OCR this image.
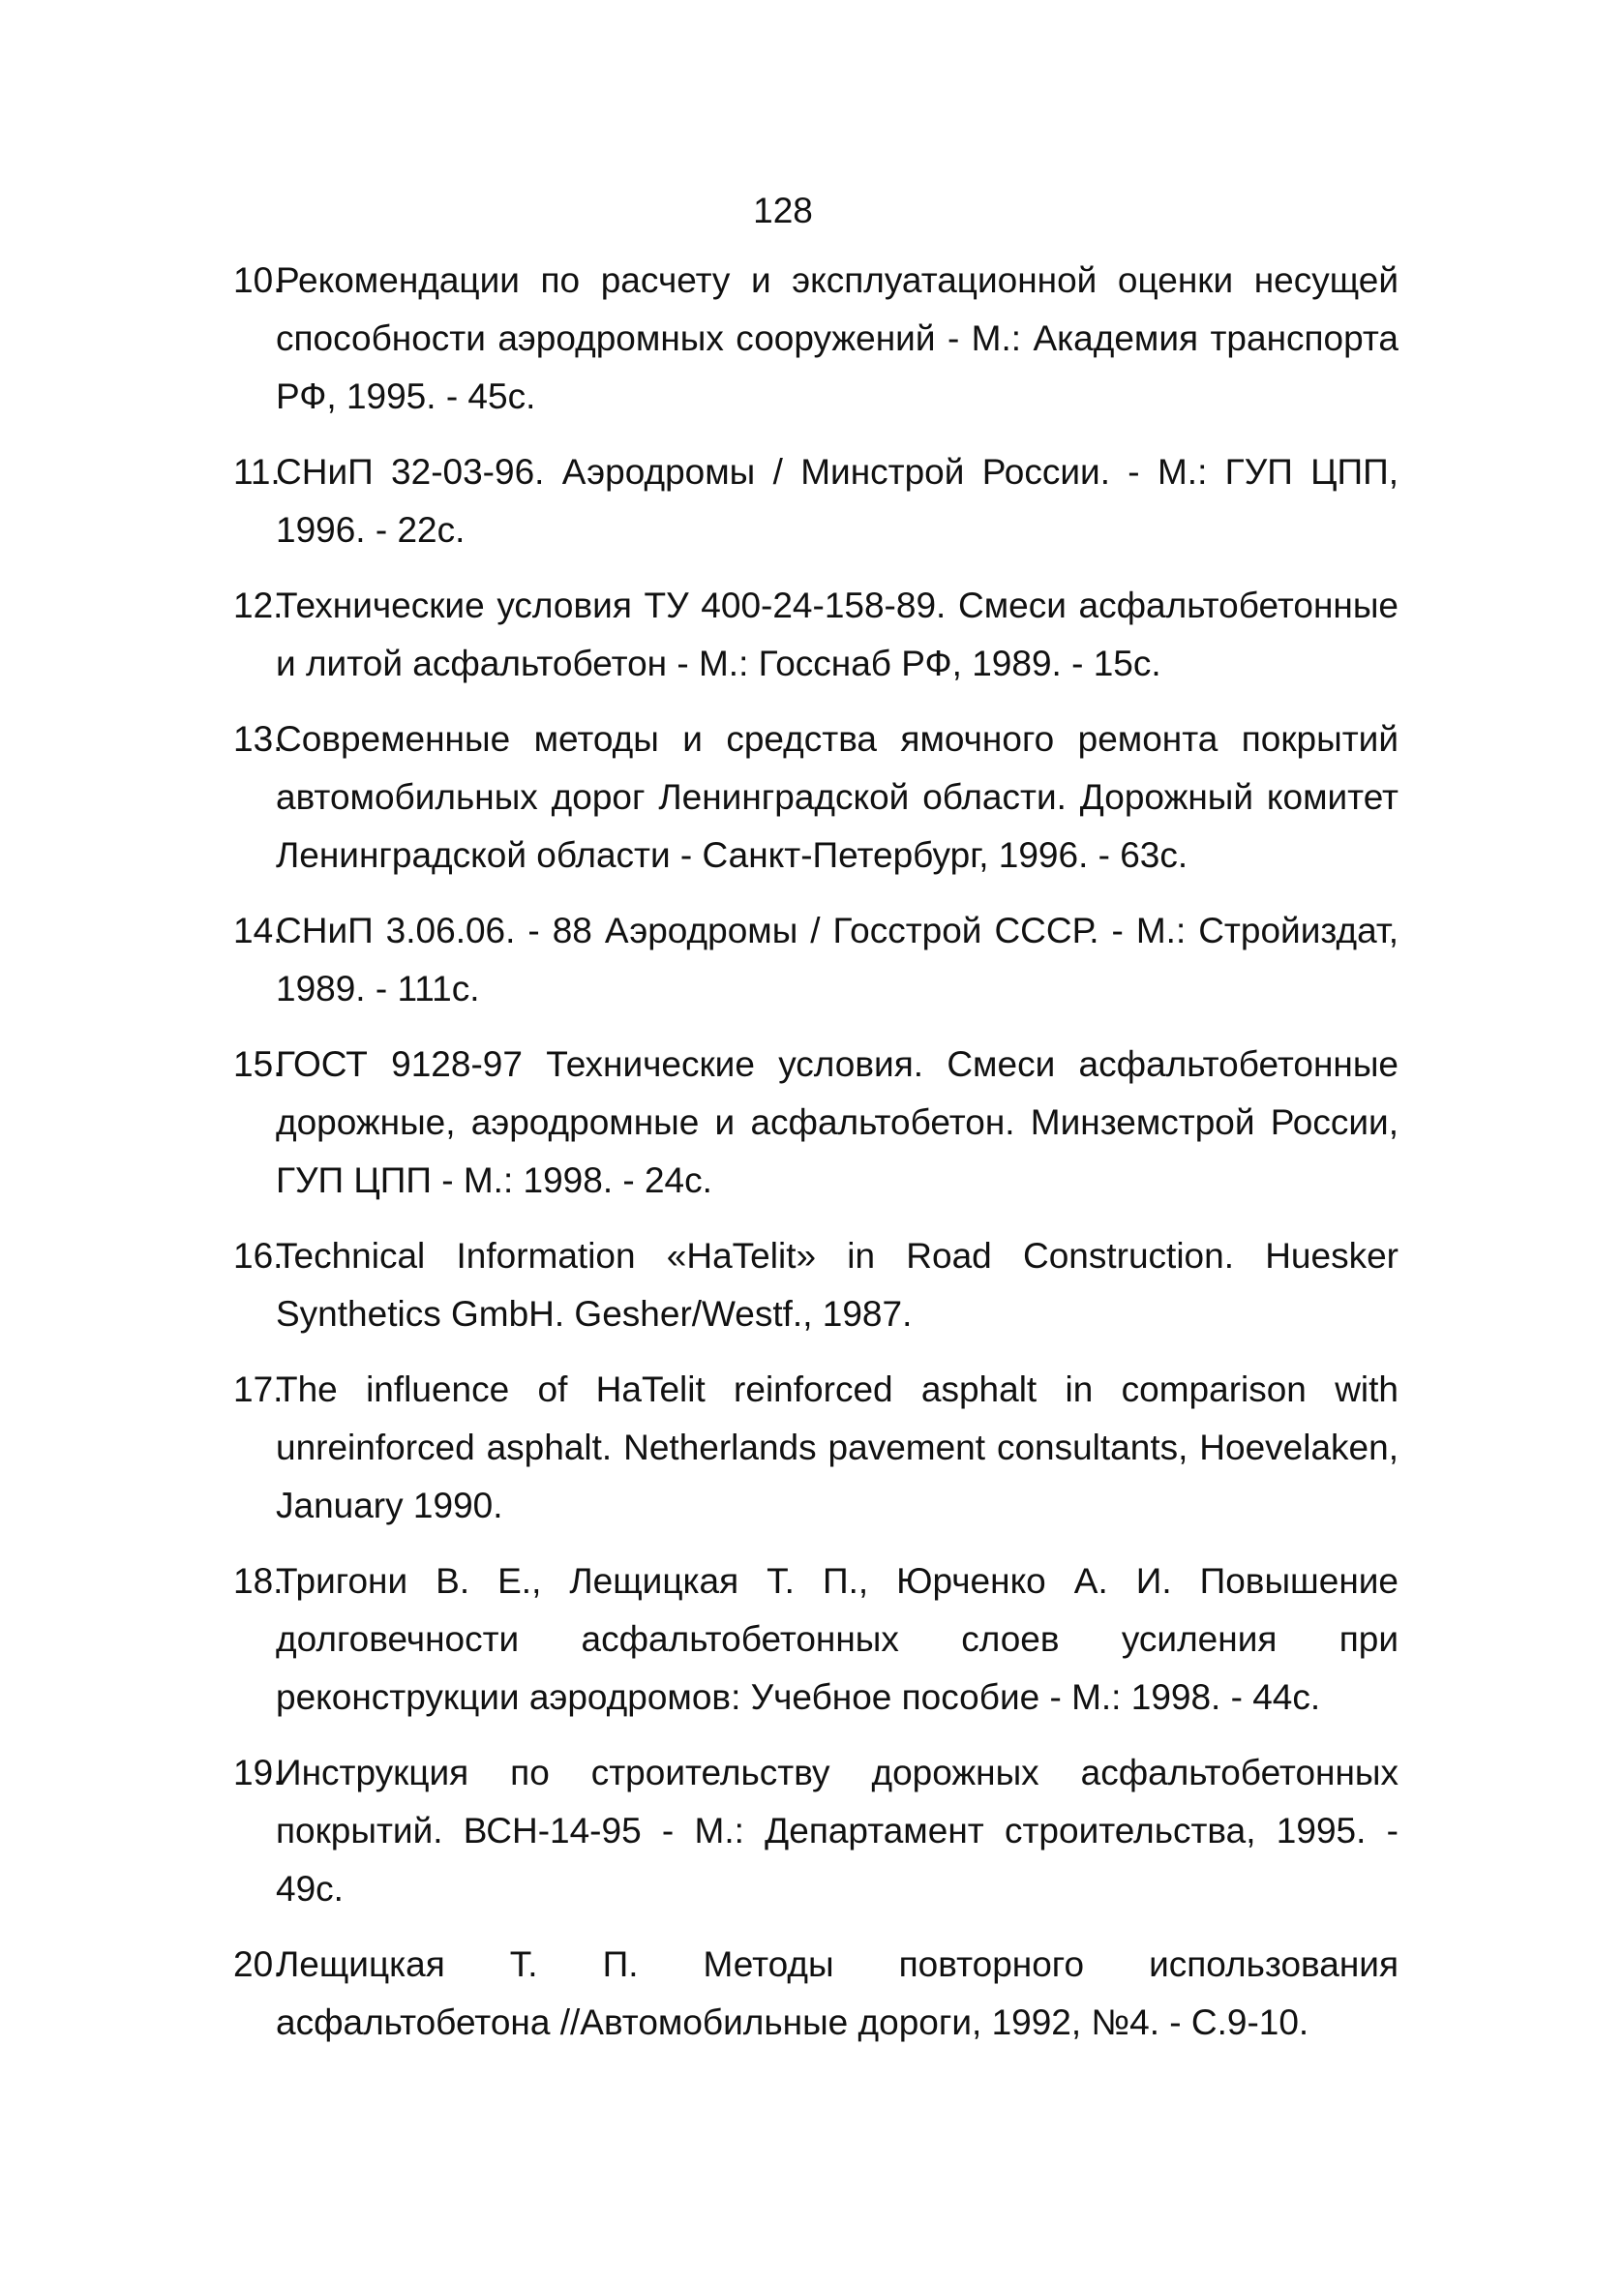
128
10.
Рекомендации по расчету и эксплуатационной оценки несущей способности аэродромных сооружений - М.: Академия транспорта РФ, 1995. - 45с.
11.
СНиП 32-03-96. Аэродромы / Минстрой России. - М.: ГУП ЦПП, 1996. - 22с.
12.
Технические условия ТУ 400-24-158-89. Смеси асфальтобетонные и литой асфальтобетон - М.: Госснаб РФ, 1989. - 15с.
13.
Современные методы и средства ямочного ремонта покрытий автомобильных дорог Ленинградской области. Дорожный комитет Ленинградской области - Санкт-Петербург, 1996. - 63с.
14.
СНиП 3.06.06. - 88 Аэродромы / Госстрой СССР. - М.: Стройиздат, 1989. - 111с.
15.
ГОСТ 9128-97 Технические условия. Смеси асфальтобетонные дорожные, аэродромные и асфальтобетон. Минземстрой России, ГУП ЦПП - М.: 1998. - 24с.
16.
Technical Information «HaTelit» in Road Construction. Huesker Synthetics GmbH. Gesher/Westf., 1987.
17.
The influence of HaTelit reinforced asphalt in comparison with unreinforced asphalt. Netherlands pavement consultants, Hoevelaken, January 1990.
18.
Тригони В. Е., Лещицкая Т. П., Юрченко А. И. Повышение долговечности асфальтобетонных слоев усиления при реконструкции аэродромов: Учебное пособие - М.: 1998. - 44с.
19.
Инструкция по строительству дорожных асфальтобетонных покрытий. ВСН-14-95 - М.: Департамент строительства, 1995. - 49с.
20.
Лещицкая Т. П. Методы повторного использования асфальтобетона //Автомобильные дороги, 1992, №4. - С.9-10.
